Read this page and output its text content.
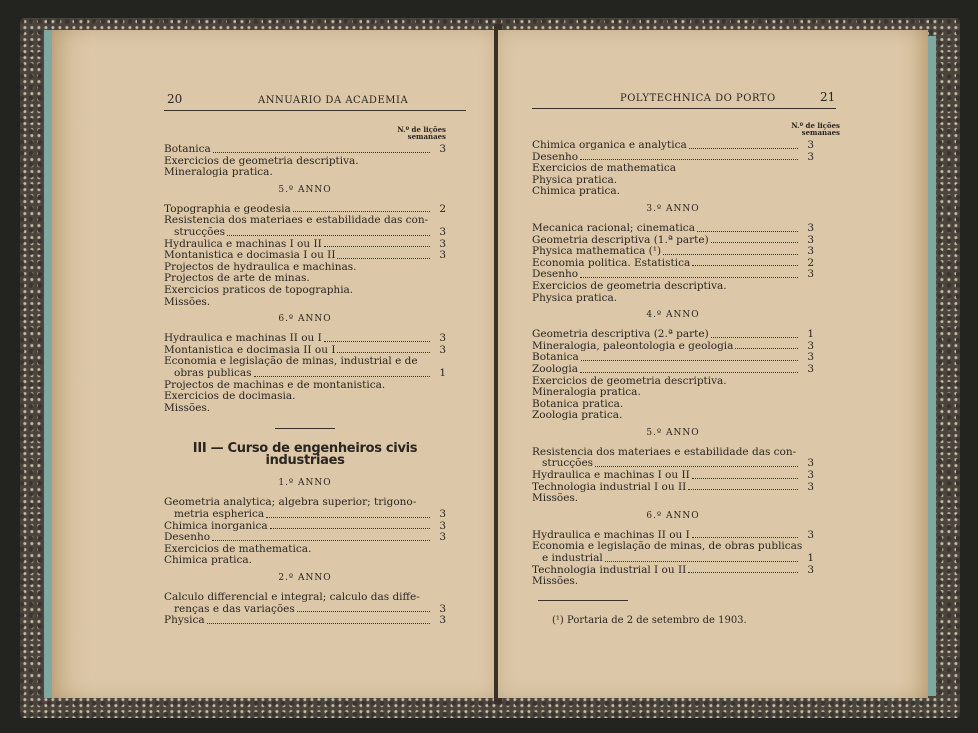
20	ANNUARIO DA ACADEMIA
N.º de lições
semanaes
Botanica	3
Exercicios de geometria descriptiva.
Mineralogia pratica.
5.º ANNO
Topographia e geodesia	2
Resistencia dos materiaes e estabilidade das con-
strucções	3
Hydraulica e machinas I ou II	3
Montanistica e docimasia I ou II	3
Projectos de hydraulica e machinas.
Projectos de arte de minas.
Exercicios praticos de topographia.
Missões.
6.º ANNO
Hydraulica e machinas II ou I	3
Montanistica e docimasia II ou I	3
Economia e legislação de minas, industrial e de
obras publicas	1
Projectos de machinas e de montanistica.
Exercicios de docimasia.
Missões.
III — Curso de engenheiros civis industriaes
1.º ANNO
Geometria analytica; algebra superior; trigono-
metria espherica	3
Chimica inorganica	3
Desenho	3
Exercicios de mathematica.
Chimica pratica.
2.º ANNO
Calculo differencial e integral; calculo das diffe-
renças e das variações	3
Physica	3
POLYTECHNICA DO PORTO	21
N.º de lições
semanaes
Chimica organica e analytica	3
Desenho	3
Exercicios de mathematica
Physica pratica.
Chimica pratica.
3.º ANNO
Mecanica racional; cinematica	3
Geometria descriptiva (1.ª parte)	3
Physica mathematica (¹)	3
Economia politica. Estatistica	2
Desenho	3
Exercicios de geometria descriptiva.
Physica pratica.
4.º ANNO
Geometria descriptiva (2.ª parte)	1
Mineralogia, paleontologia e geologia	3
Botanica	3
Zoologia	3
Exercicios de geometria descriptiva.
Mineralogia pratica.
Botanica pratica.
Zoologia pratica.
5.º ANNO
Resistencia dos materiaes e estabilidade das con-
strucções	3
Hydraulica e machinas I ou II	3
Technologia industrial I ou II	3
Missões.
6.º ANNO
Hydraulica e machinas II ou I	3
Economia e legislação de minas, de obras publicas
e industrial	1
Technologia industrial I ou II	3
Missões.
(¹) Portaria de 2 de setembro de 1903.
